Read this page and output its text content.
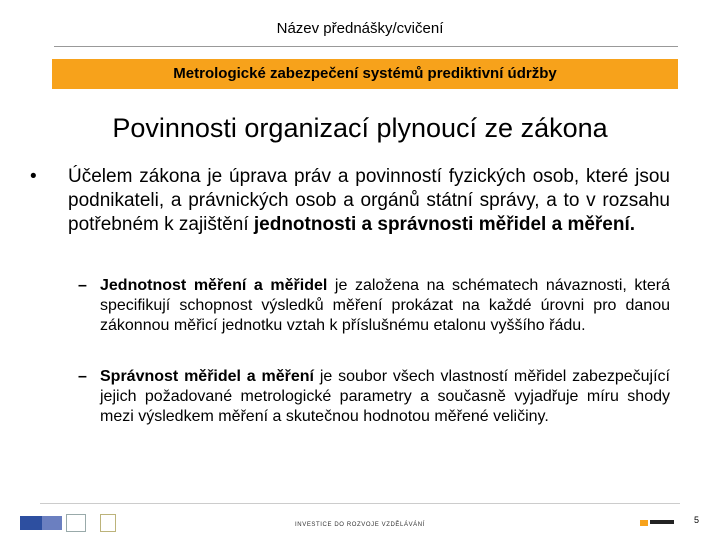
Název přednášky/cvičení
Metrologické zabezpečení systémů prediktivní údržby
Povinnosti organizací plynoucí ze zákona
• Účelem zákona je úprava práv a povinností fyzických osob, které jsou podnikateli, a právnických osob a orgánů státní správy, a to v rozsahu potřebném k zajištění jednotnosti a správnosti měřidel a měření.
– Jednotnost měření a měřidel je založena na schématech návaznosti, která specifikují schopnost výsledků měření prokázat na každé úrovni pro danou zákonnou měřicí jednotku vztah k příslušnému etalonu vyššího řádu.
– Správnost měřidel a měření je soubor všech vlastností měřidel zabezpečující jejich požadované metrologické parametry a současně vyjadřuje míru shody mezi výsledkem měření a skutečnou hodnotou měřené veličiny.
INVESTICE DO ROZVOJE VZDĚLÁVÁNÍ	5
